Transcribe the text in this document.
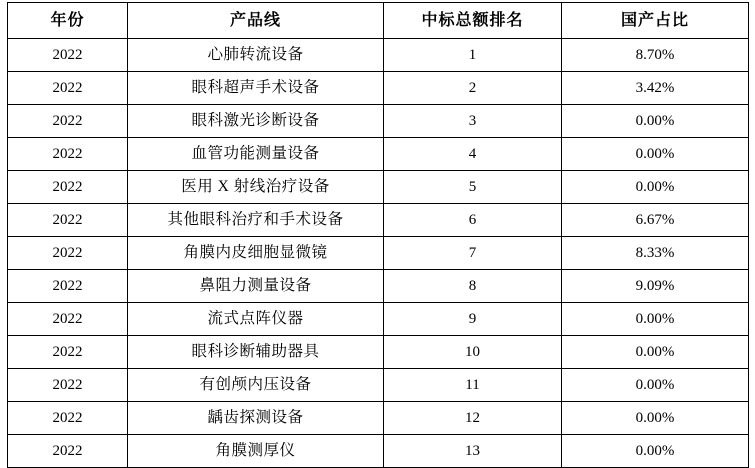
年份	产品线	中标总额排名	国产占比
2022	心肺转流设备	1	8.70%
2022	眼科超声手术设备	2	3.42%
2022	眼科激光诊断设备	3	0.00%
2022	血管功能测量设备	4	0.00%
2022	医用 X 射线治疗设备	5	0.00%
2022	其他眼科治疗和手术设备	6	6.67%
2022	角膜内皮细胞显微镜	7	8.33%
2022	鼻阻力测量设备	8	9.09%
2022	流式点阵仪器	9	0.00%
2022	眼科诊断辅助器具	10	0.00%
2022	有创颅内压设备	11	0.00%
2022	龋齿探测设备	12	0.00%
2022	角膜测厚仪	13	0.00%
